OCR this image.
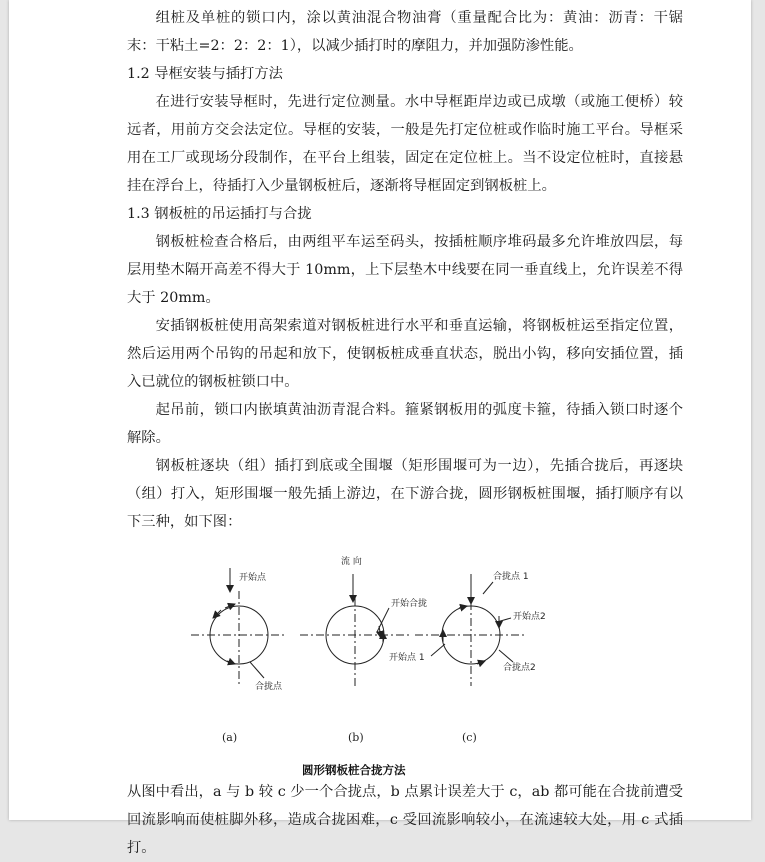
组桩及单桩的锁口内，涂以黄油混合物油膏（重量配合比为：黄油：沥青：干锯末：干粘土=2：2：2：1），以减少插打时的摩阻力，并加强防渗性能。

1.2 导框安装与插打方法

在进行安装导框时，先进行定位测量。水中导框距岸边或已成墩（或施工便桥）较远者，用前方交会法定位。导框的安装，一般是先打定位桩或作临时施工平台。导框采用在工厂或现场分段制作，在平台上组装，固定在定位桩上。当不设定位桩时，直接悬挂在浮台上，待插打入少量钢板桩后，逐渐将导框固定到钢板桩上。

1.3 钢板桩的吊运插打与合拢

钢板桩检查合格后，由两组平车运至码头，按插桩顺序堆码最多允许堆放四层，每层用垫木隔开高差不得大于 10mm，上下层垫木中线要在同一垂直线上，允许误差不得大于 20mm。

安插钢板桩使用高架索道对钢板桩进行水平和垂直运输，将钢板桩运至指定位置，然后运用两个吊钩的吊起和放下，使钢板桩成垂直状态，脱出小钩，移向安插位置，插入已就位的钢板桩锁口中。

起吊前，锁口内嵌填黄油沥青混合料。箍紧钢板用的弧度卡箍，待插入锁口时逐个解除。

钢板桩逐块（组）插打到底或全围堰（矩形围堰可为一边），先插合拢后，再逐块（组）打入，矩形围堰一般先插上游边，在下游合拢，圆形钢板桩围堰，插打顺序有以下三种，如下图：

开始点
合拢点
(a)
流 向
开始合拢
(b)
合拢点 1
开始点2
开始点 1
合拢点2
(c)
圆形钢板桩合拢方法

从图中看出，a 与 b 较 c 少一个合拢点，b 点累计误差大于 c，ab 都可能在合拢前遭受回流影响而使桩脚外移，造成合拢困难，c 受回流影响较小，在流速较大处，用 c 式插打。
